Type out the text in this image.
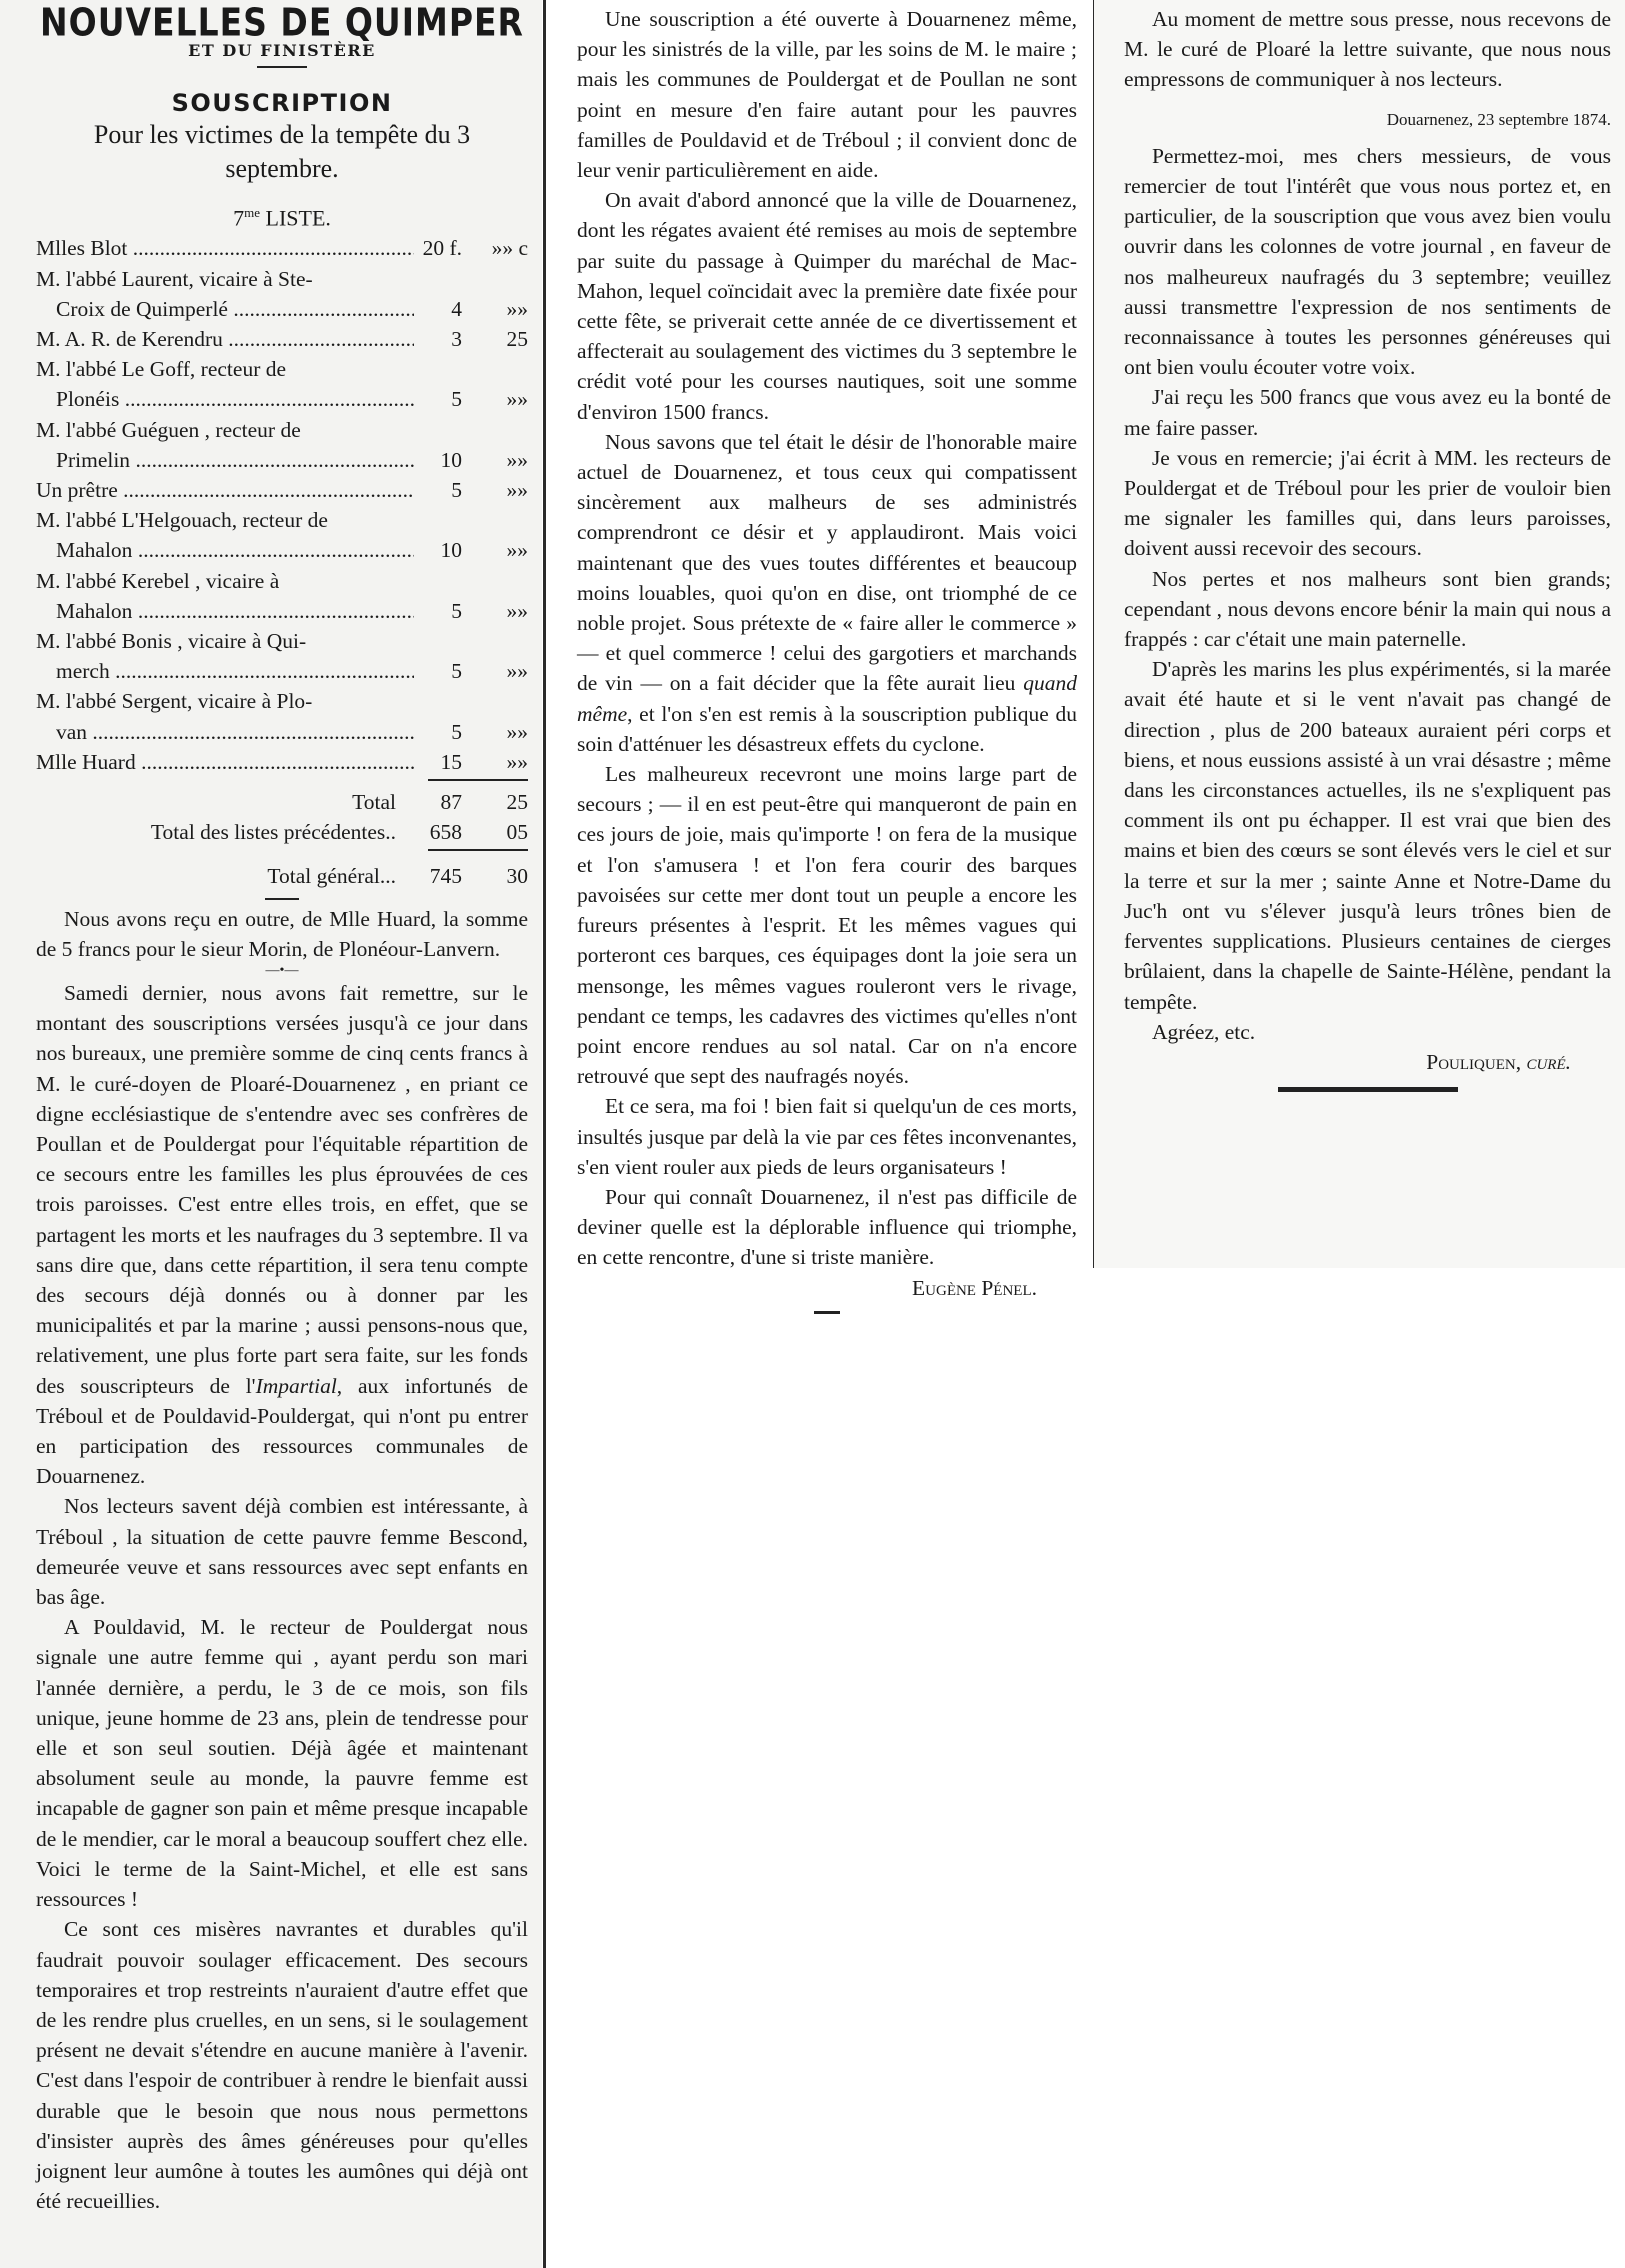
NOUVELLES DE QUIMPER
ET DU FINISTÈRE
SOUSCRIPTION
Pour les victimes de la tempête du 3 septembre.
$7^{me}$ LISTE.
Mlles Blot .....	20 f.	»» c
M. l'abbé Laurent, vicaire à Ste-
Croix de Quimperlé .....	4	»»
M. A. R. de Kerendru .....	3	25
M. l'abbé Le Goff, recteur de
Plonéis .....	5	»»
M. l'abbé Guéguen , recteur de
Primelin .....	10	»»
Un prêtre .....	5	»»
M. l'abbé L'Helgouach, recteur de
Mahalon .....	10	»»
M. l'abbé Kerebel , vicaire à
Mahalon .....	5	»»
M. l'abbé Bonis , vicaire à Qui-
merch .....	5	»»
M. l'abbé Sergent, vicaire à Plo-
van .....	5	»»
Mlle Huard .....	15	»»
Total	87	25
Total des listes précédentes..	658	05
Total général...	745	30

Nous avons reçu en outre, de Mlle Huard, la somme de 5 francs pour le sieur Morin, de Plonéour-Lanvern.

—•—

Samedi dernier, nous avons fait remettre, sur le montant des souscriptions versées jusqu'à ce jour dans nos bureaux, une première somme de cinq cents francs à M. le curé-doyen de Ploaré-Douarnenez , en priant ce digne ecclésiastique de s'entendre avec ses confrères de Poullan et de Pouldergat pour l'équitable répartition de ce secours entre les familles les plus éprouvées de ces trois paroisses. C'est entre elles trois, en effet, que se partagent les morts et les naufrages du 3 septembre. Il va sans dire que, dans cette répartition, il sera tenu compte des secours déjà donnés ou à donner par les municipalités et par la marine ; aussi pensons-nous que, relativement, une plus forte part sera faite, sur les fonds des souscripteurs de l'Impartial, aux infortunés de Tréboul et de Pouldavid-Pouldergat, qui n'ont pu entrer en participation des ressources communales de Douarnenez.

Nos lecteurs savent déjà combien est intéressante, à Tréboul , la situation de cette pauvre femme Bescond, demeurée veuve et sans ressources avec sept enfants en bas âge.

A Pouldavid, M. le recteur de Pouldergat nous signale une autre femme qui , ayant perdu son mari l'année dernière, a perdu, le 3 de ce mois, son fils unique, jeune homme de 23 ans, plein de tendresse pour elle et son seul soutien. Déjà âgée et maintenant absolument seule au monde, la pauvre femme est incapable de gagner son pain et même presque incapable de le mendier, car le moral a beaucoup souffert chez elle. Voici le terme de la Saint-Michel, et elle est sans ressources !

Ce sont ces misères navrantes et durables qu'il faudrait pouvoir soulager efficacement. Des secours temporaires et trop restreints n'auraient d'autre effet que de les rendre plus cruelles, en un sens, si le soulagement présent ne devait s'étendre en aucune manière à l'avenir. C'est dans l'espoir de contribuer à rendre le bienfait aussi durable que le besoin que nous nous permettons d'insister auprès des âmes généreuses pour qu'elles joignent leur aumône à toutes les aumônes qui déjà ont été recueillies.

Une souscription a été ouverte à Douarnenez même, pour les sinistrés de la ville, par les soins de M. le maire ; mais les communes de Pouldergat et de Poullan ne sont point en mesure d'en faire autant pour les pauvres familles de Pouldavid et de Tréboul ; il convient donc de leur venir particulièrement en aide.

On avait d'abord annoncé que la ville de Douarnenez, dont les régates avaient été remises au mois de septembre par suite du passage à Quimper du maréchal de Mac-Mahon, lequel coïncidait avec la première date fixée pour cette fête, se priverait cette année de ce divertissement et affecterait au soulagement des victimes du 3 septembre le crédit voté pour les courses nautiques, soit une somme d'environ 1500 francs.

Nous savons que tel était le désir de l'honorable maire actuel de Douarnenez, et tous ceux qui compatissent sincèrement aux malheurs de ses administrés comprendront ce désir et y applaudiront. Mais voici maintenant que des vues toutes différentes et beaucoup moins louables, quoi qu'on en dise, ont triomphé de ce noble projet. Sous prétexte de « faire aller le commerce » — et quel commerce ! celui des gargotiers et marchands de vin — on a fait décider que la fête aurait lieu quand même, et l'on s'en est remis à la souscription publique du soin d'atténuer les désastreux effets du cyclone.

Les malheureux recevront une moins large part de secours ; — il en est peut-être qui manqueront de pain en ces jours de joie, mais qu'importe ! on fera de la musique et l'on s'amusera ! et l'on fera courir des barques pavoisées sur cette mer dont tout un peuple a encore les fureurs présentes à l'esprit. Et les mêmes vagues qui porteront ces barques, ces équipages dont la joie sera un mensonge, les mêmes vagues rouleront vers le rivage, pendant ce temps, les cadavres des victimes qu'elles n'ont point encore rendues au sol natal. Car on n'a encore retrouvé que sept des naufragés noyés.

Et ce sera, ma foi ! bien fait si quelqu'un de ces morts, insultés jusque par delà la vie par ces fêtes inconvenantes, s'en vient rouler aux pieds de leurs organisateurs !

Pour qui connaît Douarnenez, il n'est pas difficile de deviner quelle est la déplorable influence qui triomphe, en cette rencontre, d'une si triste manière.

Eugène Pénel.

Au moment de mettre sous presse, nous recevons de M. le curé de Ploaré la lettre suivante, que nous nous empressons de communiquer à nos lecteurs.

Douarnenez, 23 septembre 1874.

Permettez-moi, mes chers messieurs, de vous remercier de tout l'intérêt que vous nous portez et, en particulier, de la souscription que vous avez bien voulu ouvrir dans les colonnes de votre journal , en faveur de nos malheureux naufragés du 3 septembre; veuillez aussi transmettre l'expression de nos sentiments de reconnaissance à toutes les personnes généreuses qui ont bien voulu écouter votre voix.

J'ai reçu les 500 francs que vous avez eu la bonté de me faire passer.

Je vous en remercie; j'ai écrit à MM. les recteurs de Pouldergat et de Tréboul pour les prier de vouloir bien me signaler les familles qui, dans leurs paroisses, doivent aussi recevoir des secours.

Nos pertes et nos malheurs sont bien grands; cependant , nous devons encore bénir la main qui nous a frappés : car c'était une main paternelle.

D'après les marins les plus expérimentés, si la marée avait été haute et si le vent n'avait pas changé de direction , plus de 200 bateaux auraient péri corps et biens, et nous eussions assisté à un vrai désastre ; même dans les circonstances actuelles, ils ne s'expliquent pas comment ils ont pu échapper. Il est vrai que bien des mains et bien des cœurs se sont élevés vers le ciel et sur la terre et sur la mer ; sainte Anne et Notre-Dame du Juc'h ont vu s'élever jusqu'à leurs trônes bien de ferventes supplications. Plusieurs centaines de cierges brûlaient, dans la chapelle de Sainte-Hélène, pendant la tempête.

Agréez, etc.

Pouliquen, curé.
